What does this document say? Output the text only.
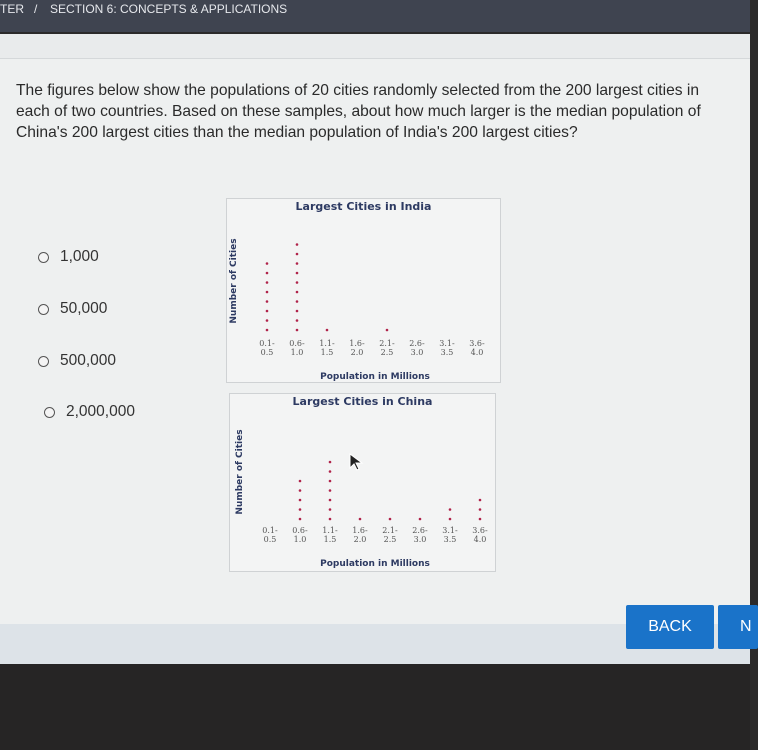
TER / SECTION 6: CONCEPTS & APPLICATIONS
The figures below show the populations of 20 cities randomly selected from the 200 largest cities in each of two countries. Based on these samples, about how much larger is the median population of China's 200 largest cities than the median population of India's 200 largest cities?
1,000
50,000
500,000
2,000,000
Largest Cities in India
Number of Cities
Population in Millions
0.1-
0.5
0.6-
1.0
1.1-
1.5
1.6-
2.0
2.1-
2.5
2.6-
3.0
3.1-
3.5
3.6-
4.0
Largest Cities in China
Number of Cities
Population in Millions
0.1-
0.5
0.6-
1.0
1.1-
1.5
1.6-
2.0
2.1-
2.5
2.6-
3.0
3.1-
3.5
3.6-
4.0
BACK	N
